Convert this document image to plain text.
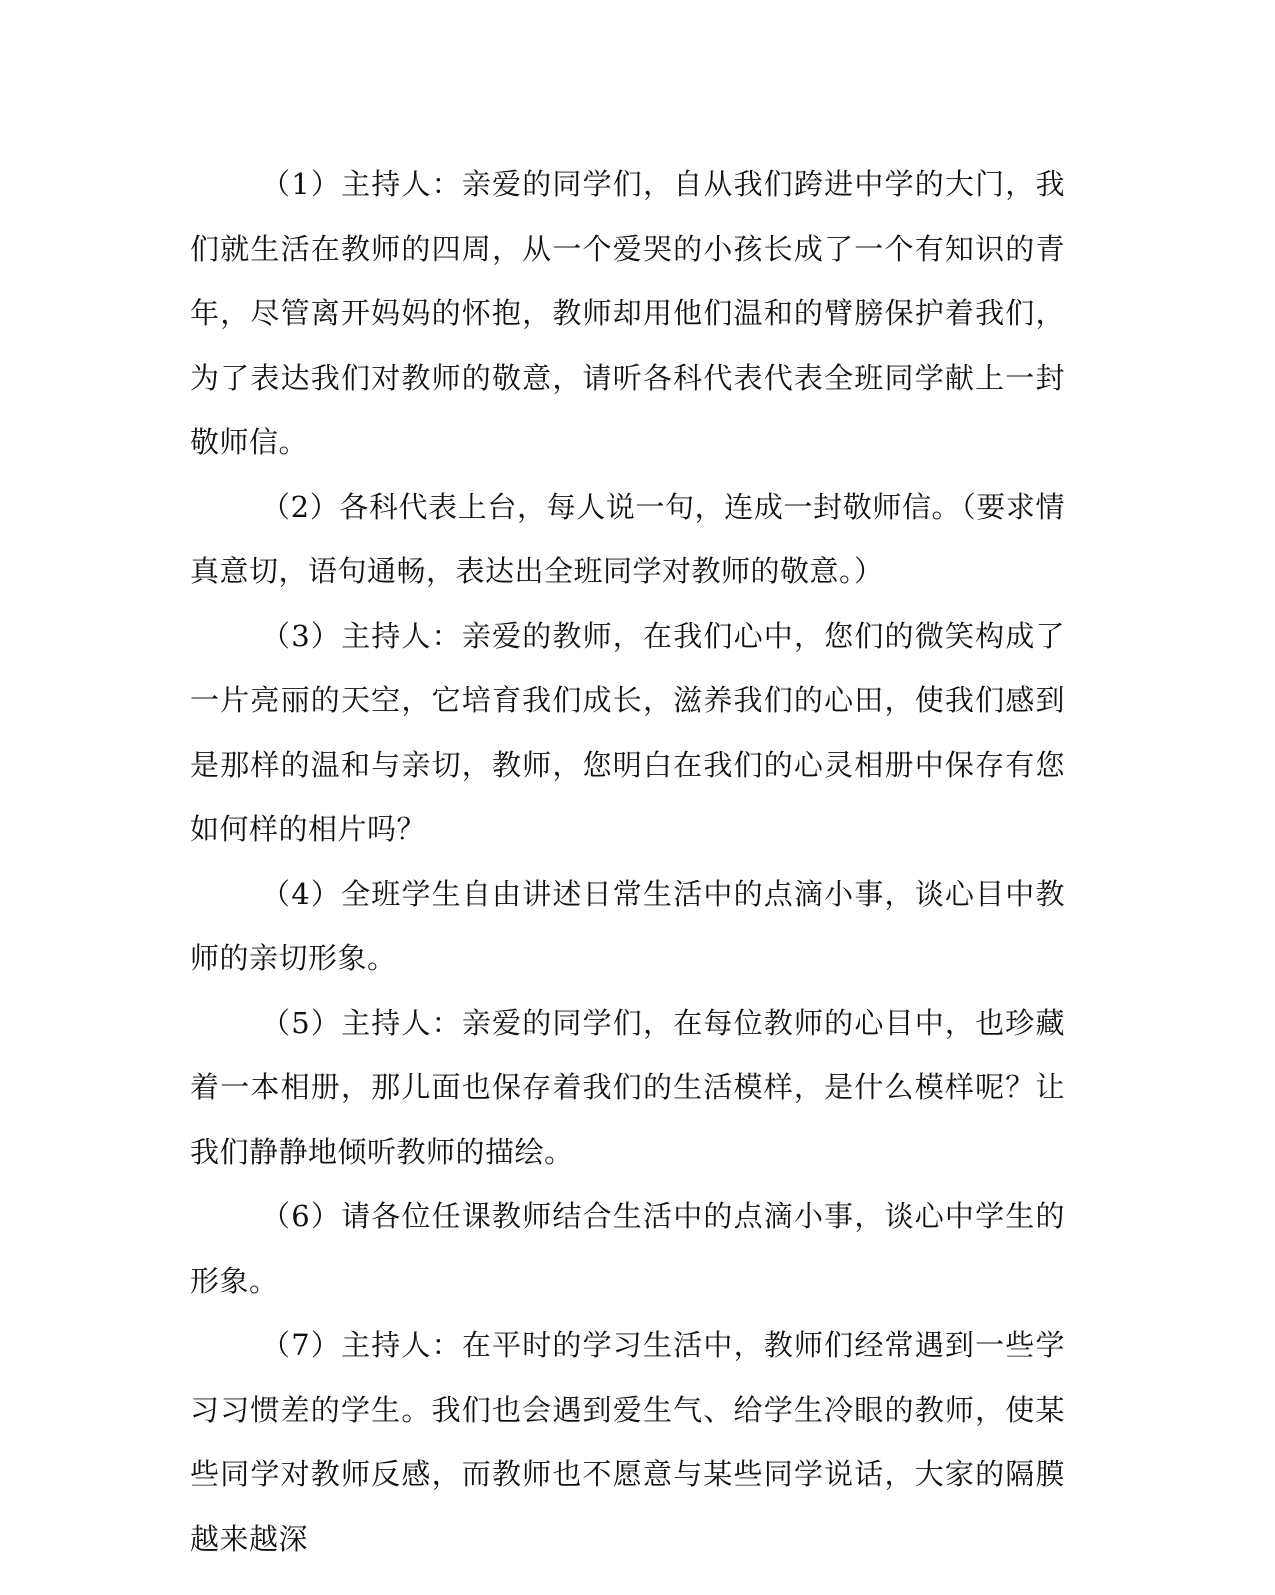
（1）主持人：亲爱的同学们，自从我们跨进中学的大门，我们就生活在教师的四周，从一个爱哭的小孩长成了一个有知识的青年，尽管离开妈妈的怀抱，教师却用他们温和的臂膀保护着我们，为了表达我们对教师的敬意，请听各科代表代表全班同学献上一封敬师信。

（2）各科代表上台，每人说一句，连成一封敬师信。（要求情真意切，语句通畅，表达出全班同学对教师的敬意。）

（3）主持人：亲爱的教师，在我们心中，您们的微笑构成了一片亮丽的天空，它培育我们成长，滋养我们的心田，使我们感到是那样的温和与亲切，教师，您明白在我们的心灵相册中保存有您如何样的相片吗？

（4）全班学生自由讲述日常生活中的点滴小事，谈心目中教师的亲切形象。

（5）主持人：亲爱的同学们，在每位教师的心目中，也珍藏着一本相册，那儿面也保存着我们的生活模样，是什么模样呢？让我们静静地倾听教师的描绘。

（6）请各位任课教师结合生活中的点滴小事，谈心中学生的形象。

（7）主持人：在平时的学习生活中，教师们经常遇到一些学习习惯差的学生。我们也会遇到爱生气、给学生冷眼的教师，使某些同学对教师反感，而教师也不愿意与某些同学说话，大家的隔膜越来越深
